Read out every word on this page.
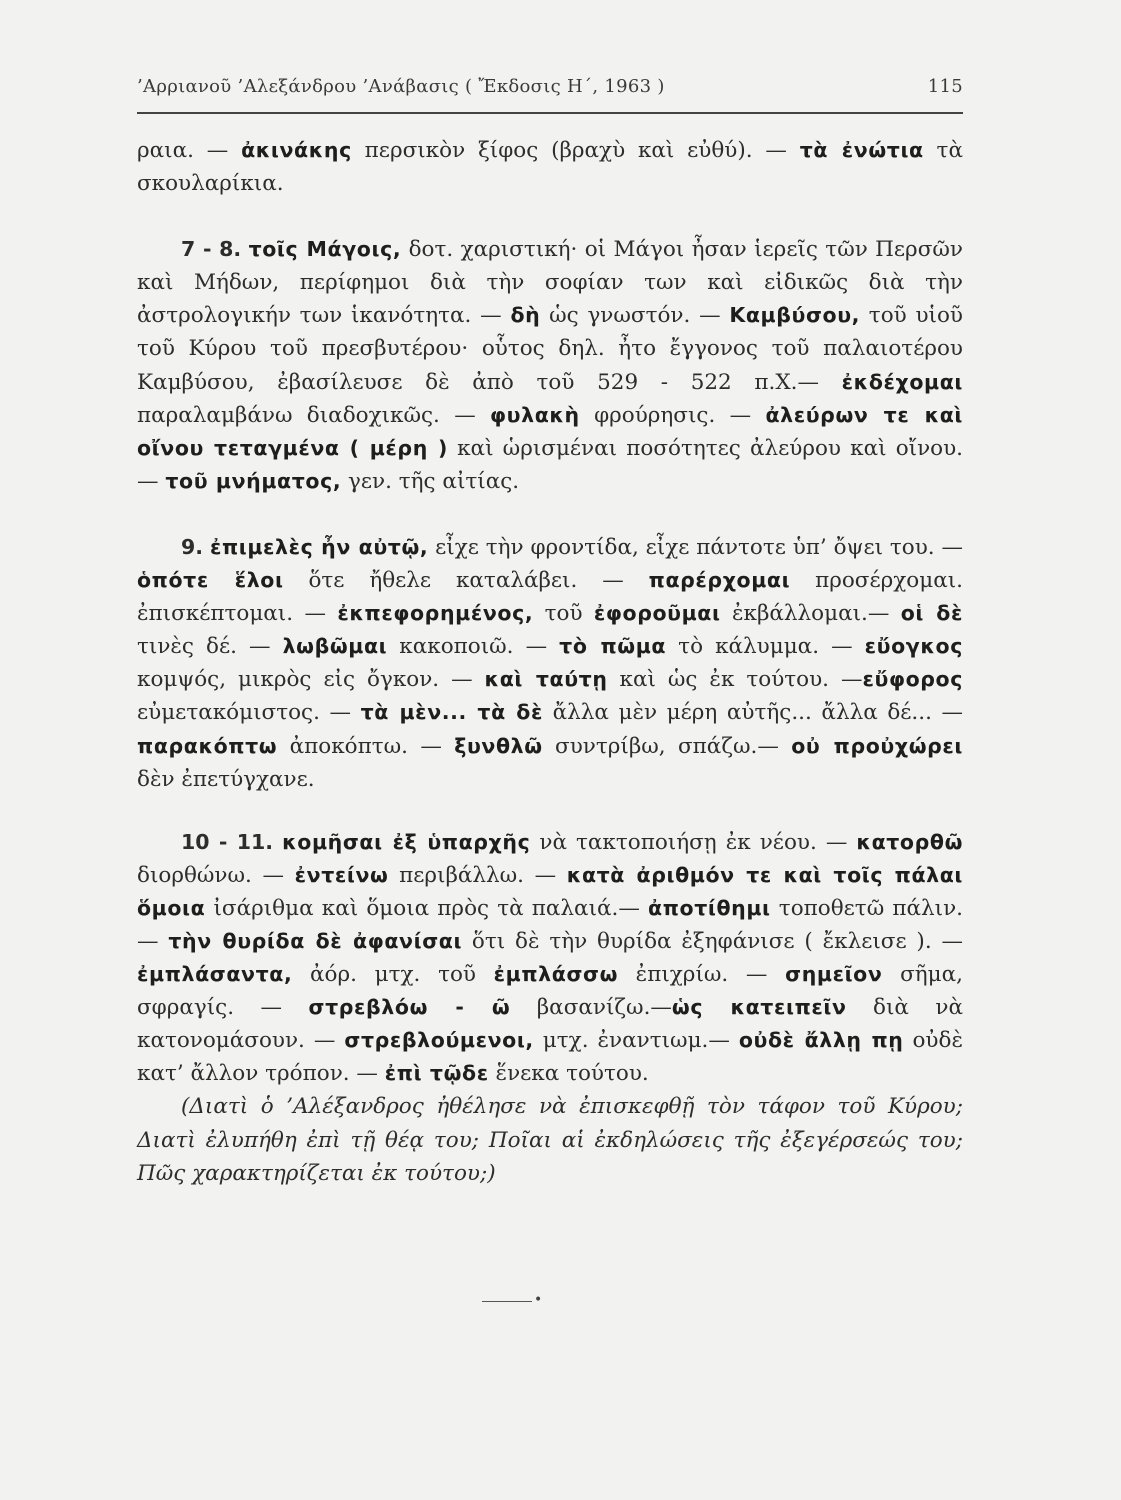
’Αρριανοῦ ’Αλεξάνδρου ’Ανάβασις ( Ἔκδοσις Η΄, 1963 )	115

ραια. — ἀκινάκης περσικὸν ξίφος (βραχὺ καὶ εὐθύ). — τὰ ἐνώτια τὰ σκουλαρίκια.

7 - 8. τοῖς Μάγοις, δοτ. χαριστική· οἱ Μάγοι ἦσαν ἱερεῖς τῶν Περσῶν καὶ Μήδων, περίφημοι διὰ τὴν σοφίαν των καὶ εἰδικῶς διὰ τὴν ἀστρολογικήν των ἱκανότητα. — δὴ ὡς γνωστόν. — Καμβύσου, τοῦ υἱοῦ τοῦ Κύρου τοῦ πρεσβυτέρου· οὗτος δηλ. ἦτο ἔγγονος τοῦ παλαιοτέρου Καμβύσου, ἐβασίλευσε δὲ ἀπὸ τοῦ 529 - 522 π.Χ.— ἐκδέχομαι παραλαμβάνω διαδοχικῶς. — φυλακὴ φρούρησις. — ἀλεύρων τε καὶ οἴνου τεταγμένα ( μέρη ) καὶ ὡρισμέναι ποσότητες ἀλεύρου καὶ οἴνου. — τοῦ μνήματος, γεν. τῆς αἰτίας.

9. ἐπιμελὲς ἦν αὐτῷ, εἶχε τὴν φροντίδα, εἶχε πάντοτε ὑπ’ ὄψει του. — ὁπότε ἕλοι ὅτε ἤθελε καταλάβει. — παρέρχομαι προσέρχομαι. ἐπισκέπτομαι. — ἐκπεφορημένος, τοῦ ἐφοροῦμαι ἐκβάλλομαι.— οἱ δὲ τινὲς δέ. — λωβῶμαι κακοποιῶ. — τὸ πῶμα τὸ κάλυμμα. — εὔογκος κομψός, μικρὸς εἰς ὄγκον. — καὶ ταύτῃ καὶ ὡς ἐκ τούτου. —εὔφορος εὐμετακόμιστος. — τὰ μὲν... τὰ δὲ ἄλλα μὲν μέρη αὐτῆς... ἄλλα δέ... — παρακόπτω ἀποκόπτω. — ξυνθλῶ συντρίβω, σπάζω.— οὐ προὐχώρει δὲν ἐπετύγχανε.

10 - 11. κομῆσαι ἐξ ὑπαρχῆς νὰ τακτοποιήσῃ ἐκ νέου. — κατορθῶ διορθώνω. — ἐντείνω περιβάλλω. — κατὰ ἀριθμόν τε καὶ τοῖς πάλαι ὅμοια ἰσάριθμα καὶ ὅμοια πρὸς τὰ παλαιά.— ἀποτίθημι τοποθετῶ πάλιν. — τὴν θυρίδα δὲ ἀφανίσαι ὅτι δὲ τὴν θυρίδα ἐξηφάνισε ( ἔκλεισε ). — ἐμπλάσαντα, ἀόρ. μτχ. τοῦ ἐμπλάσσω ἐπιχρίω. — σημεῖον σῆμα, σφραγίς. — στρεβλόω - ῶ βασανίζω.—ὡς κατειπεῖν διὰ νὰ κατονομάσουν. — στρεβλούμενοι, μτχ. ἐναντιωμ.— οὐδὲ ἄλλῃ πῃ οὐδὲ κατ’ ἄλλον τρόπον. — ἐπὶ τῷδε ἕνεκα τούτου.

(Διατὶ ὁ ’Αλέξανδρος ἠθέλησε νὰ ἐπισκεφθῇ τὸν τάφον τοῦ Κύρου; Διατὶ ἐλυπήθη ἐπὶ τῇ θέᾳ του; Ποῖαι αἱ ἐκδηλώσεις τῆς ἐξεγέρσεώς του; Πῶς χαρακτηρίζεται ἐκ τούτου;)

•
